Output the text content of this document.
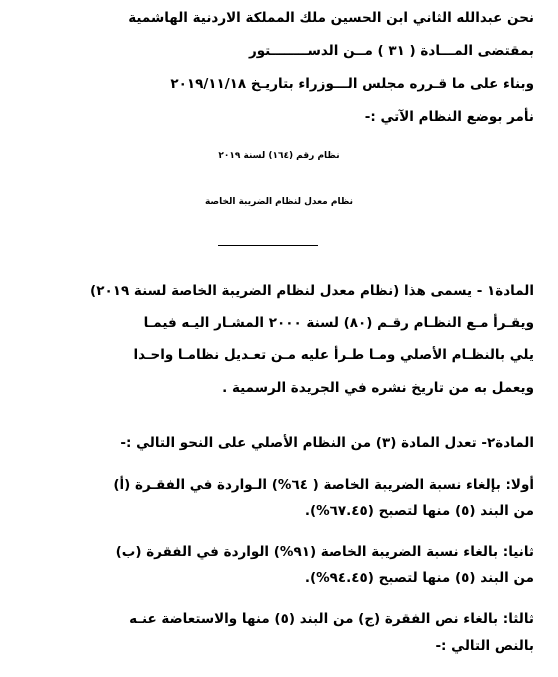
نحن عبدالله الثاني ابن الحسين ملك المملكة الاردنية الهاشمية
بمقتضى المـــادة ( ٣١ ) مــن الدســــــــتور
وبناء على ما قـرره مجلس الـــوزراء بتاريـخ ٢٠١٩/١١/١٨
نأمر بوضع النظام الآتي :-
نظام رقم (١٦٤) لسنة ٢٠١٩
نظام معدل لنظام الضريبة الخاصة
المادة١ - يسمى هذا (نظام معدل لنظام الضريبة الخاصة لسنة ٢٠١٩)
ويقـرأ مـع النظـام رقـم (٨٠) لسنة ٢٠٠٠ المشـار اليـه فيمـا
يلي بالنظـام الأصلي ومـا طـرأ عليه مـن تعـديل نظامـا واحـدا
ويعمل به من تاريخ نشره في الجريدة الرسمية .
المادة٢- تعدل المادة (٣) من النظام الأصلي على النحو التالي :-
أولا: بإلغاء نسبة الضريبة الخاصة ( ٦٤%) الـواردة في الفقـرة (أ)
من البند (٥) منها لتصبح (٦٧.٤٥%).
ثانيا: بالغاء نسبة الضريبة الخاصة (٩١%) الواردة في الفقرة (ب)
من البند (٥) منها لتصبح (٩٤.٤٥%).
ثالثا: بالغاء نص الفقرة (ج) من البند (٥) منها والاستعاضة عنـه
بالنص التالي :-
